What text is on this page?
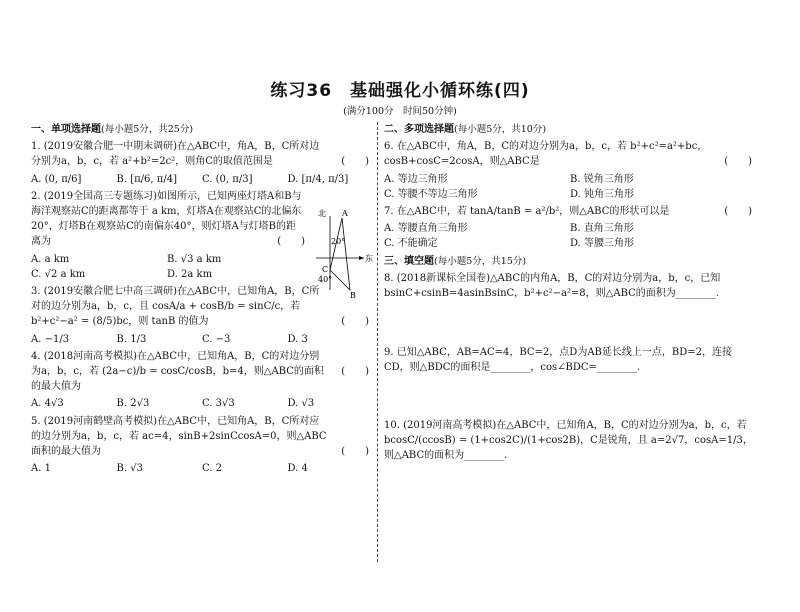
练习36　基础强化小循环练(四)
(满分100分　时间50分钟)
一、单项选择题(每小题5分，共25分)
1. (2019安徽合肥一中期末调研)在△ABC中，角A，B，C所对边分别为a，b，c，若 a²+b²=2c²，则角C的取值范围是	(　　)
A. (0, π/6]	B. [π/6, π/4]	C. (0, π/3]	D. [π/4, π/3]
2. (2019全国高三专题练习)如图所示，已知两座灯塔A和B与海洋观察站C的距离都等于 a km，灯塔A在观察站C的北偏东20°，灯塔B在观察站C的南偏东40°，则灯塔A与灯塔B的距离为	(　　)
A. a km	B. √3 a km
C. √2 a km	D. 2a km
3. (2019安徽合肥七中高三调研)在△ABC中，已知角A，B，C所对的边分别为a，b，c，且 cosA/a + cosB/b = sinC/c，若 b²+c²−a² = (8/5)bc，则 tanB 的值为	(　　)
A. −1/3	B. 1/3	C. −3	D. 3
4. (2018河南高考模拟)在△ABC中，已知角A，B，C的对边分别为a，b，c，若 (2a−c)/b = cosC/cosB，b=4，则△ABC的面积的最大值为
(　　)
A. 4√3	B. 2√3	C. 3√3	D. √3
5. (2019河南鹤壁高考模拟)在△ABC中，已知角A，B，C所对应的边分别为a，b，c，若 ac=4，sinB+2sinCcosA=0，则△ABC面积的最大值为	(　　)
A. 1	B. √3	C. 2	D. 4
北
东
A
B
C
20°
40°
二、多项选择题(每小题5分，共10分)
6. 在△ABC中，角A，B，C的对边分别为a，b，c，若 b²+c²=a²+bc，cosB+cosC=2cosA，则△ABC是	(　　)
A. 等边三角形	B. 锐角三角形
C. 等腰不等边三角形	D. 钝角三角形
7. 在△ABC中，若 tanA/tanB = a²/b²，则△ABC的形状可以是	(　　)
A. 等腰直角三角形	B. 直角三角形
C. 不能确定	D. 等腰三角形
三、填空题(每小题5分，共15分)
8. (2018新课标全国卷)△ABC的内角A，B，C的对边分别为a，b，c，已知 bsinC+csinB=4asinBsinC，b²+c²−a²=8，则△ABC的面积为________.
9. 已知△ABC，AB=AC=4，BC=2，点D为AB延长线上一点，BD=2，连接CD，则△BDC的面积是________，cos∠BDC=________.
10. (2019河南高考模拟)在△ABC中，已知角A，B，C的对边分别为a，b，c，若 bcosC/(ccosB) = (1+cos2C)/(1+cos2B)，C是锐角，且 a=2√7，cosA=1/3，则△ABC的面积为________.
